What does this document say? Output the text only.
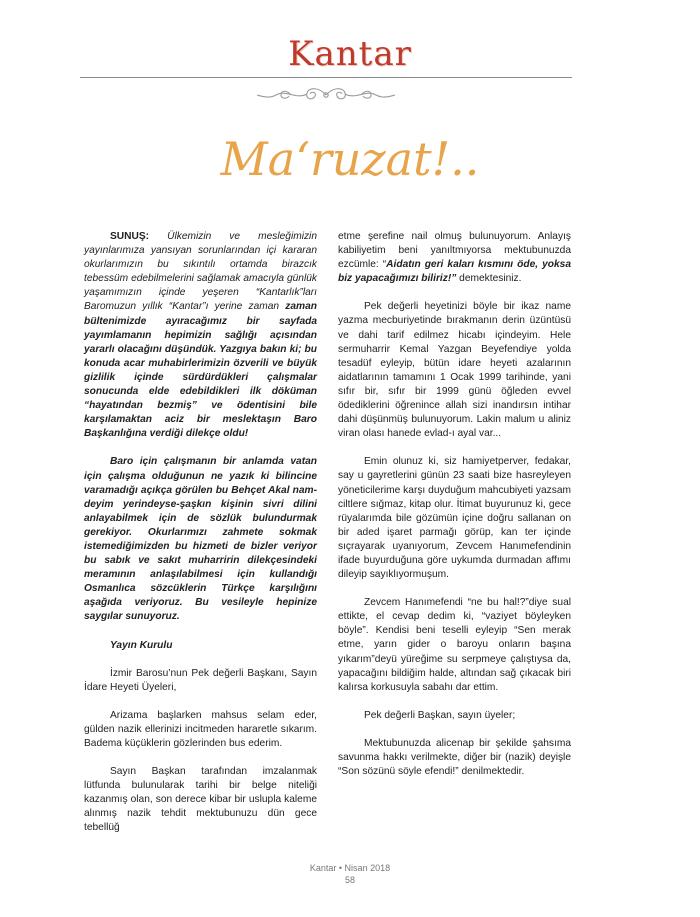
Kantar
Ma‘ruzat!..

SUNUŞ: Ülkemizin ve mesleğimizin yayınlarımıza yansıyan sorunlarından içi kararan okurlarımızın bu sıkıntılı ortamda birazcık tebessüm edebilmelerini sağlamak amacıyla günlük yaşamımızın içinde yeşeren “Kantarlık”ları Baromuzun yıllık “Kantar”ı yerine zaman zaman bültenimizde ayıracağımız bir sayfada yayımlamanın hepimizin sağlığı açısından yararlı olacağını düşündük. Yazgıya bakın ki; bu konuda acar muhabirlerimizin özverili ve büyük gizlilik içinde sürdürdükleri çalışmalar sonucunda elde edebildikleri ilk döküman “hayatından bezmiş” ve ödentisini bile karşılamaktan aciz bir meslektaşın Baro Başkanlığına verdiği dilekçe oldu!

Baro için çalışmanın bir anlamda vatan için çalışma olduğunun ne yazık ki bilincine varamadığı açıkça görülen bu Behçet Akal nam-deyim yerindeyse-şaşkın kişinin sivri dilini anlayabilmek için de sözlük bulundurmak gerekiyor. Okurlarımızı zahmete sokmak istemediğimizden bu hizmeti de bizler veriyor bu sabık ve sakıt muharririn dilekçesindeki meramının anlaşılabilmesi için kullandığı Osmanlıca sözcüklerin Türkçe karşılığını aşağıda veriyoruz. Bu vesileyle hepinize saygılar sunuyoruz.

Yayın Kurulu

İzmir Barosu’nun Pek değerli Başkanı, Sayın İdare Heyeti Üyeleri,

Arizama başlarken mahsus selam eder, gülden nazik ellerinizi incitmeden hararetle sıkarım. Badema küçüklerin gözlerinden bus ederim.

Sayın Başkan tarafından imzalanmak lütfunda bulunularak tarihi bir belge niteliği kazanmış olan, son derece kibar bir uslupla kaleme alınmış nazik tehdit mektubunuzu dün gece tebellüğ

etme şerefine nail olmuş bulunuyorum. Anlayış kabiliyetim beni yanıltmıyorsa mektubunuzda ezcümle: “Aidatın geri kaları kısmını öde, yoksa biz yapacağımızı biliriz!” demektesiniz.

Pek değerli heyetinizi böyle bir ikaz name yazma mecburiyetinde bırakmanın derin üzüntüsü ve dahi tarif edilmez hicabı içindeyim. Hele sermuharrir Kemal Yazgan Beyefendiye yolda tesadüf eyleyip, bütün idare heyeti azalarının aidatlarının tamamını 1 Ocak 1999 tarihinde, yani sıfır bir, sıfır bir 1999 günü öğleden evvel ödediklerini öğrenince allah sizi inandırsın intihar dahi düşünmüş bulunuyorum. Lakin malum u aliniz viran olası hanede evlad-ı ayal var...

Emin olunuz ki, siz hamiyetperver, fedakar, say u gayretlerini günün 23 saati bize hasreyleyen yöneticilerime karşı duyduğum mahcubiyeti yazsam ciltlere sığmaz, kitap olur. İtimat buyurunuz ki, gece rüyalarımda bile gözümün içine doğru sallanan on bir aded işaret parmağı görüp, kan ter içinde sıçrayarak uyanıyorum, Zevcem Hanımefendinin ifade buyurduğuna göre uykumda durmadan affımı dileyip sayıklıyormuşum.

Zevcem Hanımefendi “ne bu hal!?”diye sual ettikte, el cevap dedim ki, “vaziyet böyleyken böyle”. Kendisi beni teselli eyleyip “Sen merak etme, yarın gider o baroyu onların başına yıkarım”deyü yüreğime su serpmeye çalıştıysa da, yapacağını bildiğim halde, altından sağ çıkacak biri kalırsa korkusuyla sabahı dar ettim.

Pek değerli Başkan, sayın üyeler;

Mektubunuzda alicenap bir şekilde şahsıma savunma hakkı verilmekte, diğer bir (nazik) deyişle “Son sözünü söyle efendi!” denilmektedir.

Kantar • Nisan 2018
58
